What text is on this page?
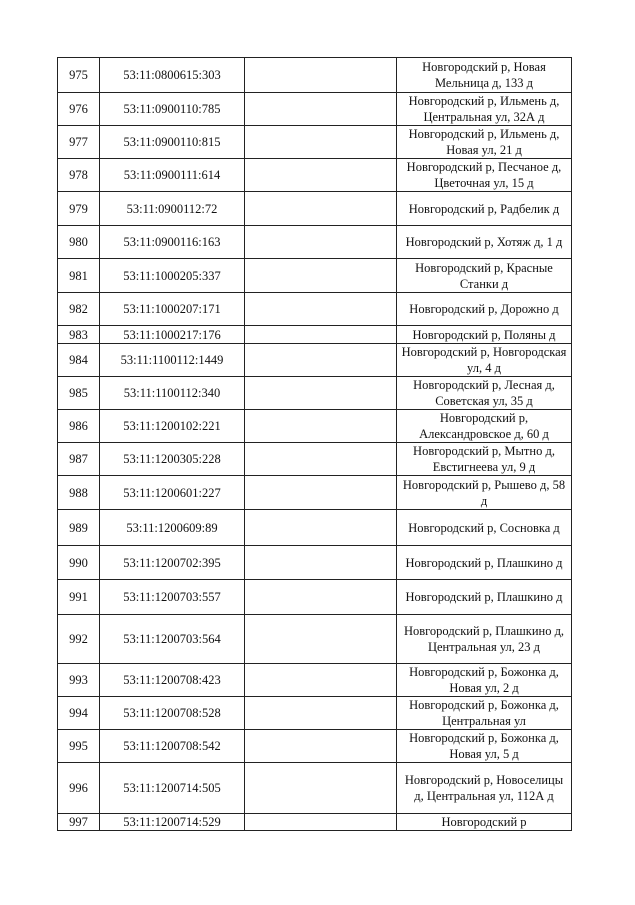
975	53:11:0800615:303		Новгородский р, Новая Мельница д, 133 д
976	53:11:0900110:785		Новгородский р, Ильмень д, Центральная ул, 32А д
977	53:11:0900110:815		Новгородский р, Ильмень д, Новая ул, 21 д
978	53:11:0900111:614		Новгородский р, Песчаное д, Цветочная ул, 15 д
979	53:11:0900112:72		Новгородский р, Радбелик д
980	53:11:0900116:163		Новгородский р, Хотяж д, 1 д
981	53:11:1000205:337		Новгородский р, Красные Станки д
982	53:11:1000207:171		Новгородский р, Дорожно д
983	53:11:1000217:176		Новгородский р, Поляны д
984	53:11:1100112:1449		Новгородский р, Новгородская ул, 4 д
985	53:11:1100112:340		Новгородский р, Лесная д, Советская ул, 35 д
986	53:11:1200102:221		Новгородский р, Александровское д, 60 д
987	53:11:1200305:228		Новгородский р, Мытно д, Евстигнеева ул, 9 д
988	53:11:1200601:227		Новгородский р, Рышево д, 58 д
989	53:11:1200609:89		Новгородский р, Сосновка д
990	53:11:1200702:395		Новгородский р, Плашкино д
991	53:11:1200703:557		Новгородский р, Плашкино д
992	53:11:1200703:564		Новгородский р, Плашкино д, Центральная ул, 23 д
993	53:11:1200708:423		Новгородский р, Божонка д, Новая ул, 2 д
994	53:11:1200708:528		Новгородский р, Божонка д, Центральная ул
995	53:11:1200708:542		Новгородский р, Божонка д, Новая ул, 5 д
996	53:11:1200714:505		Новгородский р, Новоселицы д, Центральная ул, 112А д
997	53:11:1200714:529		Новгородский р
